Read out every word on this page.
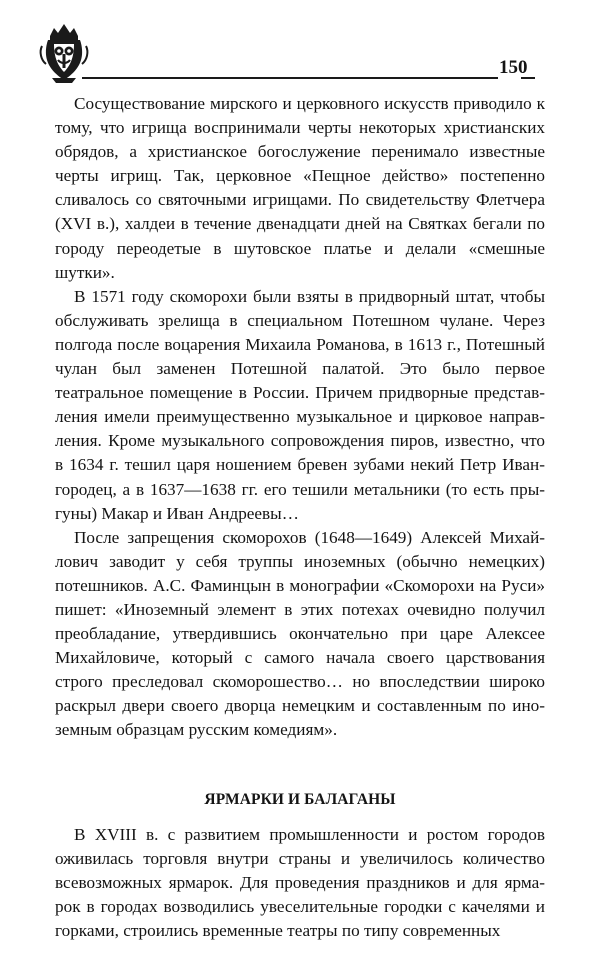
150

Сосуществование мирского и церковного искусств приводило к тому, что игрища воспринимали черты некоторых христианских обрядов, а христианское богослужение перенимало известные черты игрищ. Так, церковное «Пещное действо» постепенно сливалось со святочными игрищами. По свидетельству Флетчера (XVI в.), халдеи в течение двенадцати дней на Святках бегали по городу переодетые в шутовское платье и делали «смешные шутки».

В 1571 году скоморохи были взяты в придворный штат, чтобы обслуживать зрелища в специальном Потешном чулане. Через полгода после воцарения Михаила Романова, в 1613 г., Потешный чулан был заменен Потешной палатой. Это было первое театральное помещение в России. Причем придворные представления имели преимущественно музыкальное и цирковое направления. Кроме музыкального сопровождения пиров, известно, что в 1634 г. тешил царя ношением бревен зубами некий Петр Ивангородец, а в 1637—1638 гг. его тешили метальники (то есть прыгуны) Макар и Иван Андреевы…

После запрещения скоморохов (1648—1649) Алексей Михайлович заводит у себя труппы иноземных (обычно немецких) потешников. А.С. Фаминцын в монографии «Скоморохи на Руси» пишет: «Иноземный элемент в этих потехах очевидно получил преобладание, утвердившись окончательно при царе Алексее Михайловиче, который с самого начала своего царствования строго преследовал скоморошество… но впоследствии широко раскрыл двери своего дворца немецким и составленным по иноземным образцам русским комедиям».

ЯРМАРКИ И БАЛАГАНЫ

В XVIII в. с развитием промышленности и ростом городов оживилась торговля внутри страны и увеличилось количество всевозможных ярмарок. Для проведения праздников и для ярмарок в городах возводились увеселительные городки с качелями и горками, строились временные театры по типу современных
